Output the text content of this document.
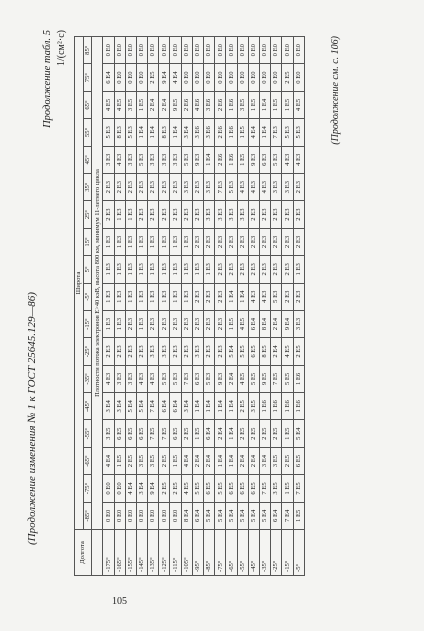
(Продолжение изменения № 1 к ГОСТ 25645.129—86)
Продолжение табл. 5 1/(см²·с)
Долгота	Широта																	
	-85°	-75°	-65°	-55°	-45°	-35°	-25°	-15°	-5°	5°	15°	25°	35°	45°	55°	65°	75°	85°
	Плотности потока электронов E>40 кэВ, высота 800 км, минимум 11-летнего цикла																	
-175°	0 E0	0 E0	4 E4	3 E5	3 E4	4 E3	2 E3	1 E3	1 E3	1 E3	1 E3	2 E3	2 E3	3 E3	5 E3	4 E5	6 E4	0 E0
-165°	0 E0	0 E0	1 E5	6 E5	3 E4	3 E3	2 E3	1 E3	1 E3	1 E3	1 E3	1 E3	2 E3	4 E3	8 E3	4 E5	0 E0	0 E0
-155°	0 E0	4 E4	2 E5	6 E5	5 E4	3 E3	2 E3	2 E3	1 E3	1 E3	1 E3	1 E3	2 E3	3 E3	5 E3	3 E5	0 E0	0 E0
-145°	0 E0	3 E4	3 E5	6 E5	5 E4	4 E3	2 E3	1 E3	1 E3	1 E3	1 E3	2 E3	2 E3	5 E3	1 E4	1 E5	0 E0	0 E0
-135°	0 E0	9 E4	3 E5	7 E5	7 E4	4 E3	3 E3	2 E3	1 E3	1 E3	1 E3	2 E3	2 E3	3 E3	1 E4	2 E4	2 E5	0 E0
-125°	0 E0	2 E5	2 E5	7 E5	6 E4	5 E3	3 E3	2 E3	1 E3	1 E3	1 E3	2 E3	2 E3	3 E3	8 E3	2 E4	9 E4	0 E0
-115°	0 E0	2 E5	1 E5	6 E5	6 E4	5 E3	2 E3	2 E3	1 E3	1 E3	1 E3	2 E3	2 E3	3 E3	1 E4	9 E5	4 E4	0 E0
-105°	8 E4	4 E5	4 E4	2 E5	3 E4	7 E3	2 E3	2 E3	1 E3	1 E3	1 E3	2 E3	3 E3	5 E3	3 E4	2 E6	0 E0	0 E0
-95°	6 E4	5 E5	2 E4	1 E5	1 E4	6 E3	3 E3	2 E3	2 E3	1 E3	2 E3	2 E3	2 E3	9 E3	3 E6	4 E6	0 E0	0 E0
-85°	5 E4	6 E5	2 E4	6 E4	1 E4	5 E3	2 E3	2 E3	2 E3	1 E3	2 E3	3 E3	3 E3	1 E4	3 E6	3 E6	0 E0	0 E0
-75°	5 E4	5 E5	1 E4	2 E4	1 E4	9 E3	2 E3	2 E3	2 E3	2 E3	2 E3	3 E3	7 E3	2 E6	2 E6	2 E6	0 E0	0 E0
-65°	5 E4	6 E5	1 E4	1 E4	1 E4	2 E4	5 E4	1 E5	1 E4	2 E3	2 E3	3 E3	5 E3	1 E6	1 E6	1 E6	0 E0	0 E0
-55°	5 E4	6 E5	2 E4	2 E5	2 E5	4 E5	5 E5	4 E5	1 E4	2 E3	2 E3	3 E3	4 E3	1 E5	1 E5	3 E5	0 E0	0 E0
-45°	5 E4	6 E5	2 E4	2 E5	3 E5	5 E5	6 E5	6 E4	4 E3	2 E3	2 E3	2 E3	4 E3	9 E3	4 E4	1 E5	0 E0	0 E0
-35°	5 E4	7 E5	3 E4	2 E5	1 E6	9 E5	8 E5	8 E4	4 E3	2 E3	2 E3	2 E3	4 E3	6 E3	1 E4	1 E4	0 E0	0 E0
-25°	6 E4	3 E5	3 E5	2 E5	1 E6	7 E5	2 E4	2 E4	5 E3	2 E3	2 E3	2 E3	3 E3	5 E3	7 E3	1 E5	0 E0	0 E0
-15°	7 E4	1 E5	2 E5	1 E5	1 E6	5 E5	4 E5	9 E4	2 E3	2 E3	2 E3	2 E3	3 E3	4 E3	5 E3	1 E5	2 E5	0 E0
-5°	1 E5	7 E5	6 E5	5 E4	1 E6	1 E6	2 E5	3 E3	2 E3	1 E3	2 E3	2 E3	2 E3	4 E3	5 E3	4 E5	0 E0	0 E0	(Продолжение см. с. 106)
105
